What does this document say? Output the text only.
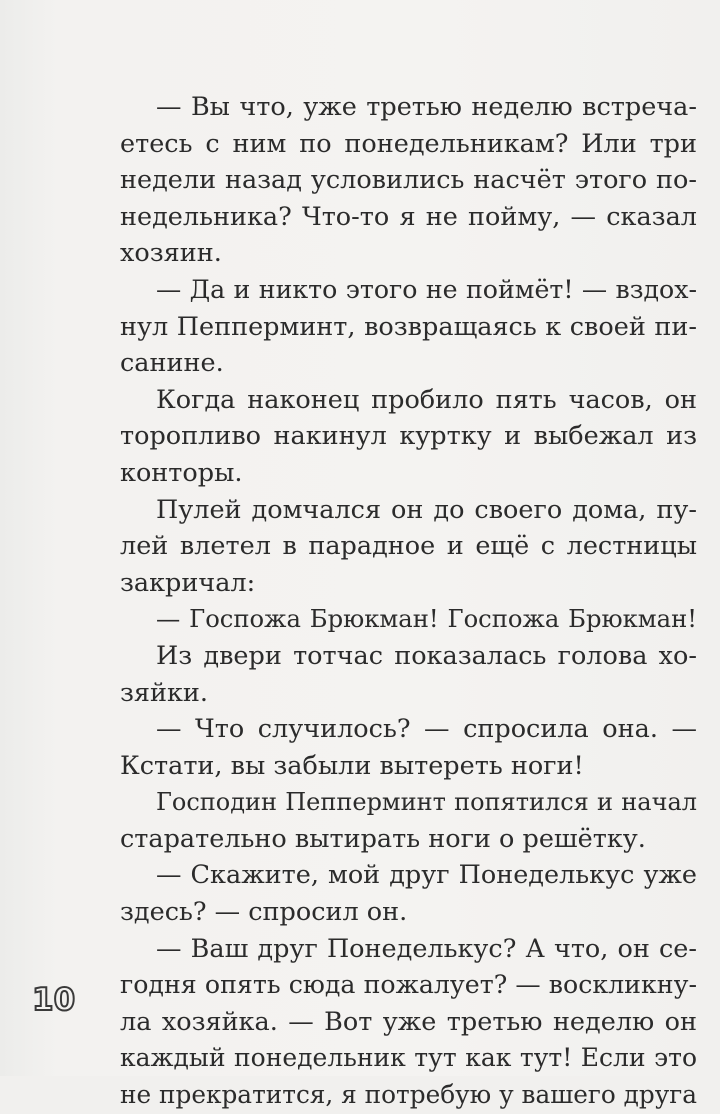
— Вы что, уже третью неделю встреча-
етесь с ним по понедельникам? Или три
недели назад условились насчёт этого по-
недельника? Что-то я не пойму, — сказал
хозяин.
— Да и никто этого не поймёт! — вздох-
нул Пепперминт, возвращаясь к своей пи-
санине.
Когда наконец пробило пять часов, он
торопливо накинул куртку и выбежал из
конторы.
Пулей домчался он до своего дома, пу-
лей влетел в парадное и ещё с лестницы
закричал:
— Госпожа Брюкман! Госпожа Брюкман!
Из двери тотчас показалась голова хо-
зяйки.
— Что случилось? — спросила она. —
Кстати, вы забыли вытереть ноги!
Господин Пепперминт попятился и начал
старательно вытирать ноги о решётку.
— Скажите, мой друг Понеделькус уже
здесь? — спросил он.
— Ваш друг Понеделькус? А что, он се-
годня опять сюда пожалует? — воскликну-
ла хозяйка. — Вот уже третью неделю он
каждый понедельник тут как тут! Если это
не прекратится, я потребую у вашего друга
10
